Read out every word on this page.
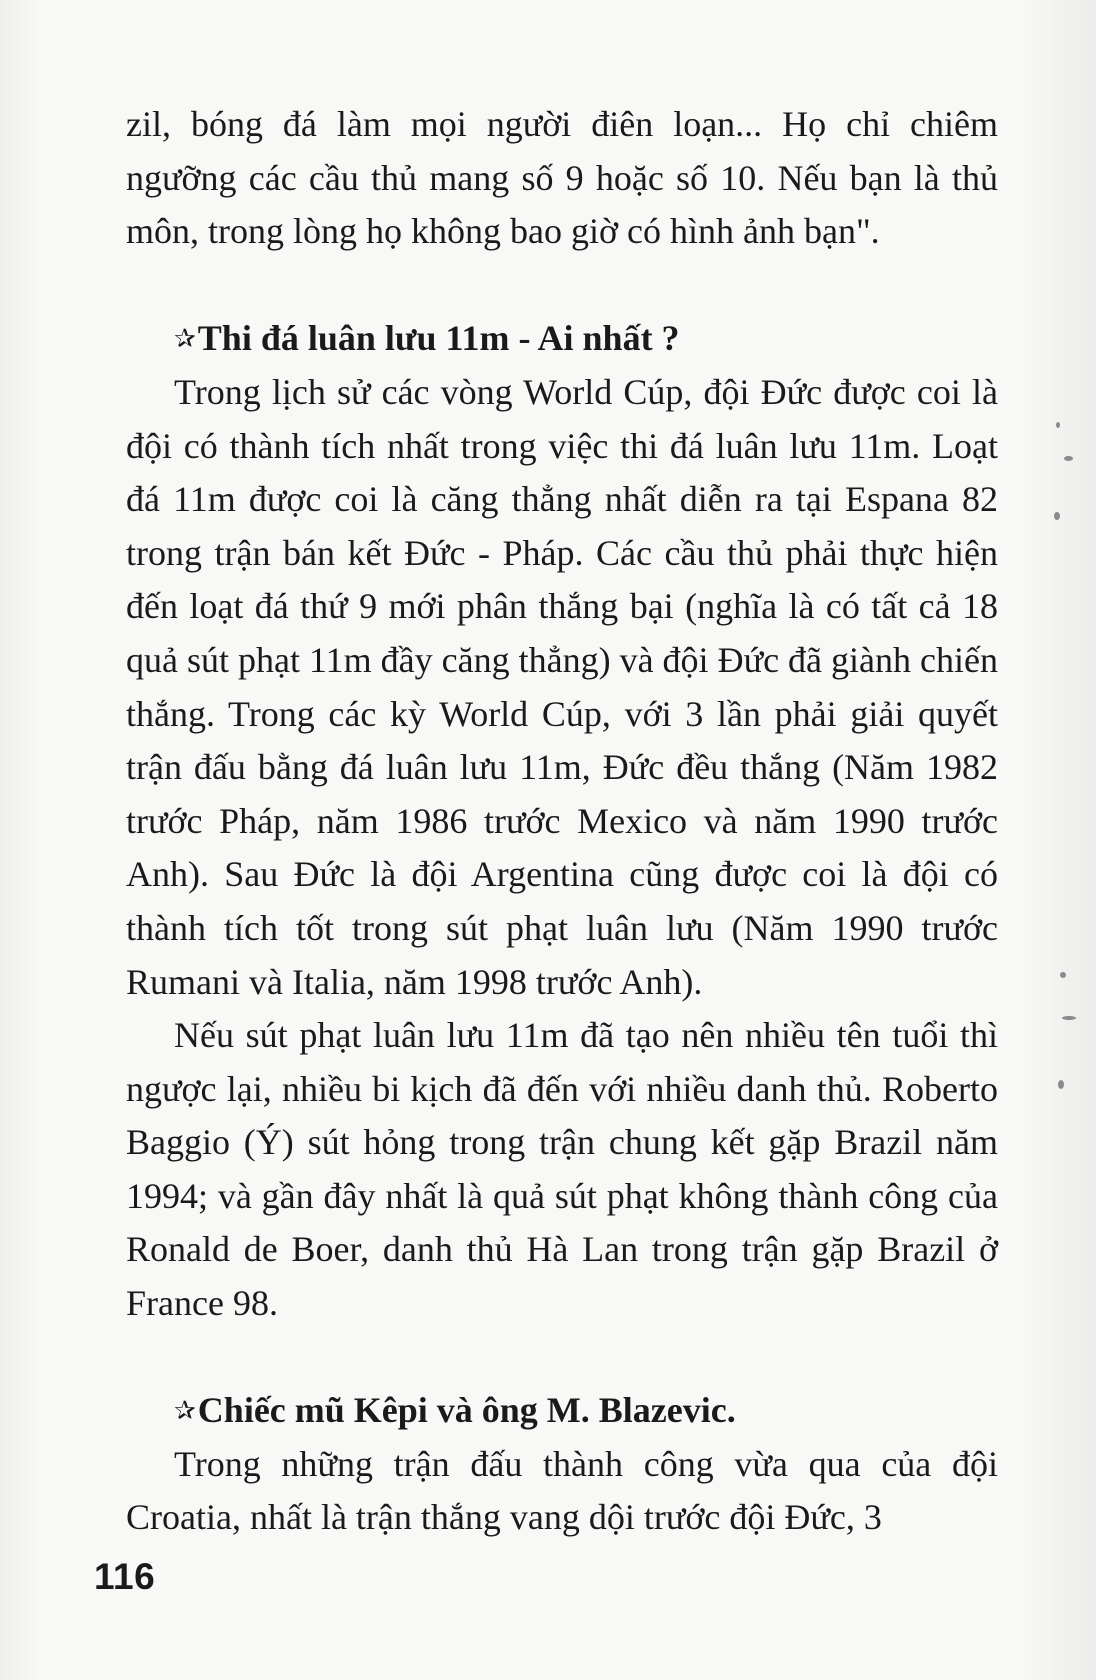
zil, bóng đá làm mọi người điên loạn... Họ chỉ chiêm ngưỡng các cầu thủ mang số 9 hoặc số 10. Nếu bạn là thủ môn, trong lòng họ không bao giờ có hình ảnh bạn".

✰Thi đá luân lưu 11m - Ai nhất ?

Trong lịch sử các vòng World Cúp, đội Đức được coi là đội có thành tích nhất trong việc thi đá luân lưu 11m. Loạt đá 11m được coi là căng thẳng nhất diễn ra tại Espana 82 trong trận bán kết Đức - Pháp. Các cầu thủ phải thực hiện đến loạt đá thứ 9 mới phân thắng bại (nghĩa là có tất cả 18 quả sút phạt 11m đầy căng thẳng) và đội Đức đã giành chiến thắng. Trong các kỳ World Cúp, với 3 lần phải giải quyết trận đấu bằng đá luân lưu 11m, Đức đều thắng (Năm 1982 trước Pháp, năm 1986 trước Mexico và năm 1990 trước Anh). Sau Đức là đội Argentina cũng được coi là đội có thành tích tốt trong sút phạt luân lưu (Năm 1990 trước Rumani và Italia, năm 1998 trước Anh).

Nếu sút phạt luân lưu 11m đã tạo nên nhiều tên tuổi thì ngược lại, nhiều bi kịch đã đến với nhiều danh thủ. Roberto Baggio (Ý) sút hỏng trong trận chung kết gặp Brazil năm 1994; và gần đây nhất là quả sút phạt không thành công của Ronald de Boer, danh thủ Hà Lan trong trận gặp Brazil ở France 98.

✰Chiếc mũ Kêpi và ông M. Blazevic.

Trong những trận đấu thành công vừa qua của đội Croatia, nhất là trận thắng vang dội trước đội Đức, 3

116
